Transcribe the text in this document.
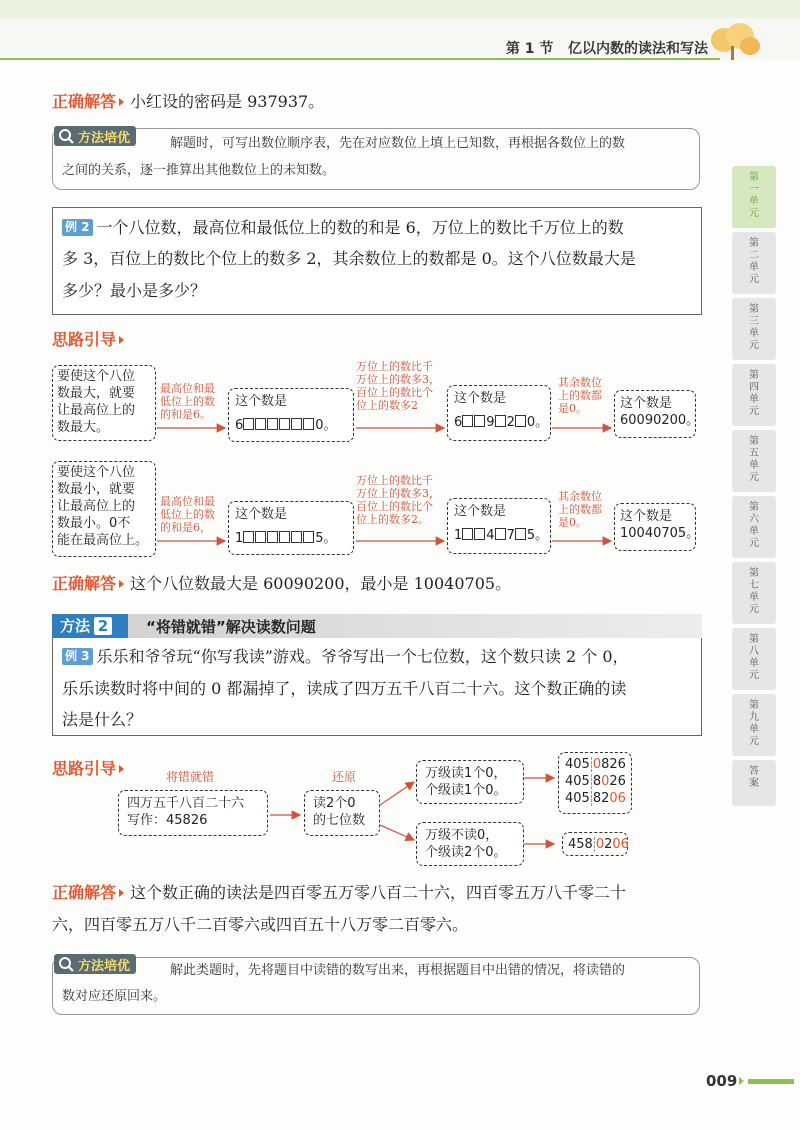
第 1 节 亿以内数的读法和写法
第
一
单
元
第
二
单
元
第
三
单
元
第
四
单
元
第
五
单
元
第
六
单
元
第
七
单
元
第
八
单
元
第
九
单
元
答
案
正确解答 小红设的密码是 937937。
方法培优	解题时，可写出数位顺序表，先在对应数位上填上已知数，再根据各数位上的数
之间的关系，逐一推算出其他数位上的未知数。
例 2 一个八位数，最高位和最低位上的数的和是 6，万位上的数比千万位上的数
多 3，百位上的数比个位上的数多 2，其余数位上的数都是 0。这个八位数最大是
多少？最小是多少？
思路引导
要使这个八位
数最大，就要
让最高位上的
数最大。
最高位和最
低位上的数
的和是6。
这个数是
6	0。
万位上的数比千
万位上的数多3，
百位上的数比个
位上的数多2	这个数是
6 9 2 0。
其余数位
上的数都
是0。	这个数是
60090200。
要使这个八位
数最小，就要
让最高位上的
数最小。0不
能在最高位上。
最高位和最
低位上的数
的和是6，
这个数是
1	5。
万位上的数比千
万位上的数多3，
百位上的数比个
位上的数多2。
这个数是
1 4 7 5。
其余数位
上的数都
是0。	这个数是
10040705。
正确解答 这个八位数最大是 60090200，最小是 10040705。
方法 2	“将错就错”解决读数问题
例 3 乐乐和爷爷玩“你写我读”游戏。爷爷写出一个七位数，这个数只读 2 个 0，
乐乐读数时将中间的 0 都漏掉了，读成了四万五千八百二十六。这个数正确的读
法是什么？
思路引导	将错就错	还原
四万五千八百二十六
写作：45826
读2个0
的七位数
万级读1个0，
个级读1个0。
万级不读0，
个级读2个0。
405 0826
405 8026
405 8206
458 0206
正确解答 这个数正确的读法是四百零五万零八百二十六，四百零五万八千零二十
六，四百零五万八千二百零六或四百五十八万零二百零六。
方法培优	解此类题时，先将题目中读错的数写出来，再根据题目中出错的情况，将读错的
数对应还原回来。
009
